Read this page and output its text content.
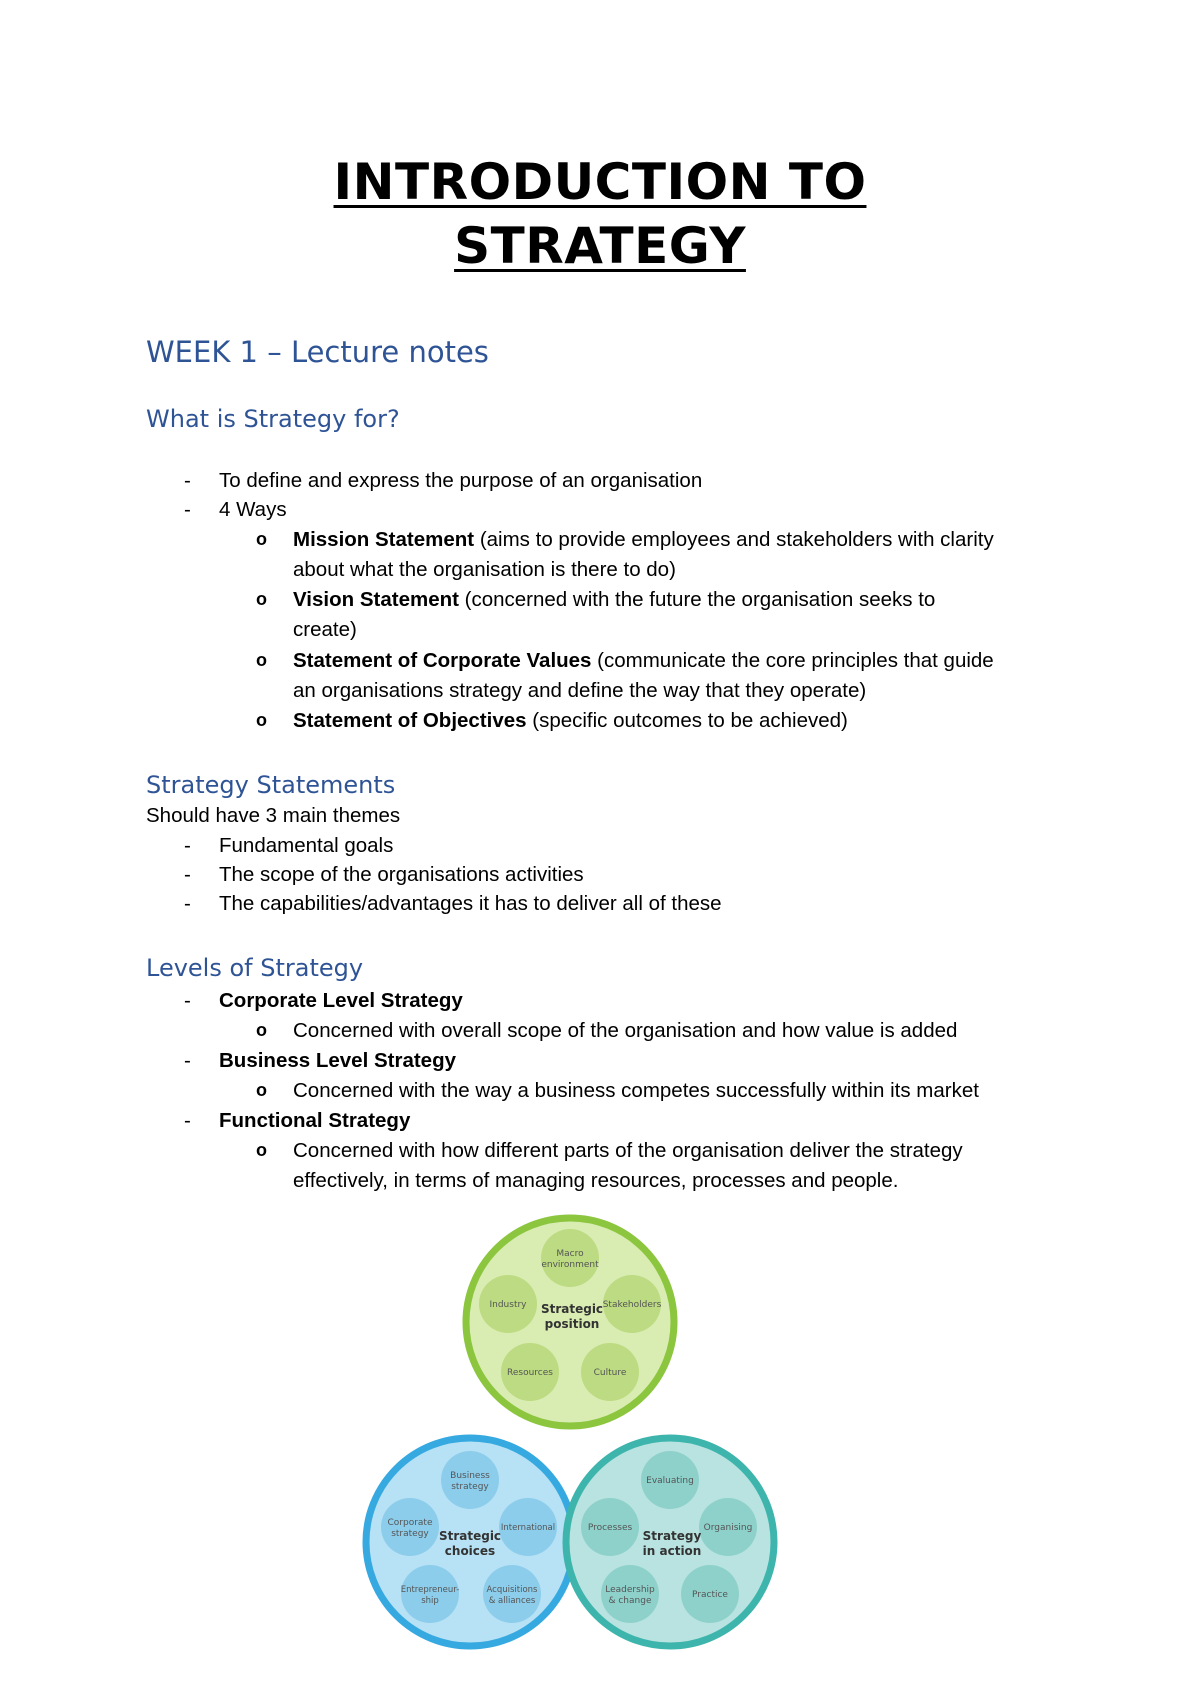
INTRODUCTION TO
STRATEGY
WEEK 1 – Lecture notes
What is Strategy for?
- To define and express the purpose of an organisation
- 4 Ways
o Mission Statement (aims to provide employees and stakeholders with clarity
about what the organisation is there to do)
o Vision Statement (concerned with the future the organisation seeks to
create)
o Statement of Corporate Values (communicate the core principles that guide
an organisations strategy and define the way that they operate)
o Statement of Objectives (specific outcomes to be achieved)
Strategy Statements
Should have 3 main themes
- Fundamental goals
- The scope of the organisations activities
- The capabilities/advantages it has to deliver all of these
Levels of Strategy
- Corporate Level Strategy
o Concerned with overall scope of the organisation and how value is added
- Business Level Strategy
o Concerned with the way a business competes successfully within its market
- Functional Strategy
o Concerned with how different parts of the organisation deliver the strategy
effectively, in terms of managing resources, processes and people.
Macro
environment
Industry	Stakeholders
Resources	Culture
Strategic
position
Business
strategy
Corporate
strategy
International
Entrepreneur-
ship
Acquisitions
& alliances
Strategic
choices
Evaluating
Processes	Organising
Leadership
& change
Practice
Strategy
in action
